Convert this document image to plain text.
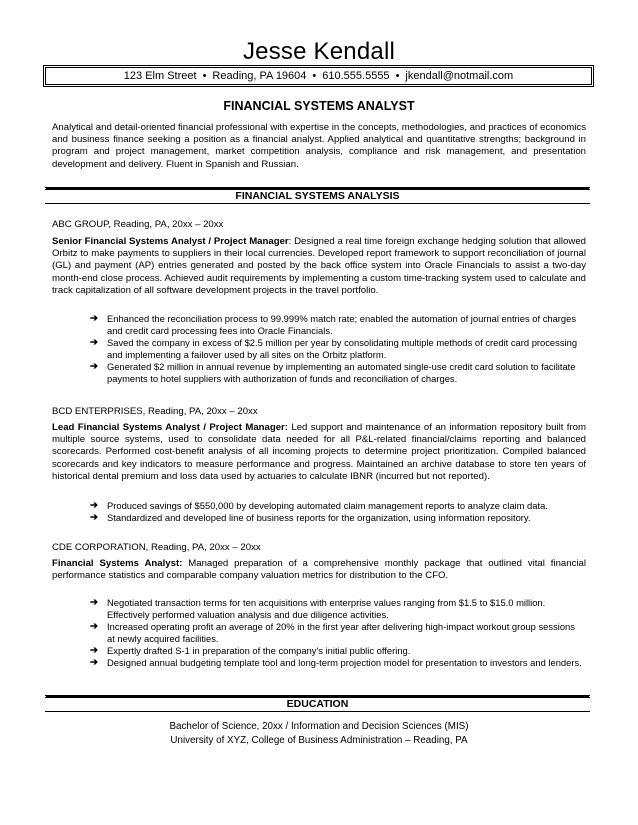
Jesse Kendall
123 Elm Street • Reading, PA 19604 • 610.555.5555 • jkendall@notmail.com
FINANCIAL SYSTEMS ANALYST
Analytical and detail-oriented financial professional with expertise in the concepts, methodologies, and practices of economics and business finance seeking a position as a financial analyst. Applied analytical and quantitative strengths; background in program and project management, market competition analysis, compliance and risk management, and presentation development and delivery. Fluent in Spanish and Russian.
FINANCIAL SYSTEMS ANALYSIS
ABC GROUP, Reading, PA, 20xx – 20xx
Senior Financial Systems Analyst / Project Manager: Designed a real time foreign exchange hedging solution that allowed Orbitz to make payments to suppliers in their local currencies. Developed report framework to support reconciliation of journal (GL) and payment (AP) entries generated and posted by the back office system into Oracle Financials to assist a two-day month-end close process. Achieved audit requirements by implementing a custom time-tracking system used to calculate and track capitalization of all software development projects in the travel portfolio.
➔ Enhanced the reconciliation process to 99.999% match rate; enabled the automation of journal entries of charges and credit card processing fees into Oracle Financials.
➔ Saved the company in excess of $2.5 million per year by consolidating multiple methods of credit card processing and implementing a failover used by all sites on the Orbitz platform.
➔ Generated $2 million in annual revenue by implementing an automated single-use credit card solution to facilitate payments to hotel suppliers with authorization of funds and reconciliation of charges.
BCD ENTERPRISES, Reading, PA, 20xx – 20xx
Lead Financial Systems Analyst / Project Manager: Led support and maintenance of an information repository built from multiple source systems, used to consolidate data needed for all P&L-related financial/claims reporting and balanced scorecards. Performed cost-benefit analysis of all incoming projects to determine project prioritization. Compiled balanced scorecards and key indicators to measure performance and progress. Maintained an archive database to store ten years of historical dental premium and loss data used by actuaries to calculate IBNR (incurred but not reported).
➔ Produced savings of $550,000 by developing automated claim management reports to analyze claim data.
➔ Standardized and developed line of business reports for the organization, using information repository.
CDE CORPORATION, Reading, PA, 20xx – 20xx
Financial Systems Analyst: Managed preparation of a comprehensive monthly package that outlined vital financial performance statistics and comparable company valuation metrics for distribution to the CFO.
➔ Negotiated transaction terms for ten acquisitions with enterprise values ranging from $1.5 to $15.0 million. Effectively performed valuation analysis and due diligence activities.
➔ Increased operating profit an average of 20% in the first year after delivering high-impact workout group sessions at newly acquired facilities.
➔ Expertly drafted S-1 in preparation of the company's initial public offering.
➔ Designed annual budgeting template tool and long-term projection model for presentation to investors and lenders.
EDUCATION
Bachelor of Science, 20xx / Information and Decision Sciences (MIS)
University of XYZ, College of Business Administration – Reading, PA
